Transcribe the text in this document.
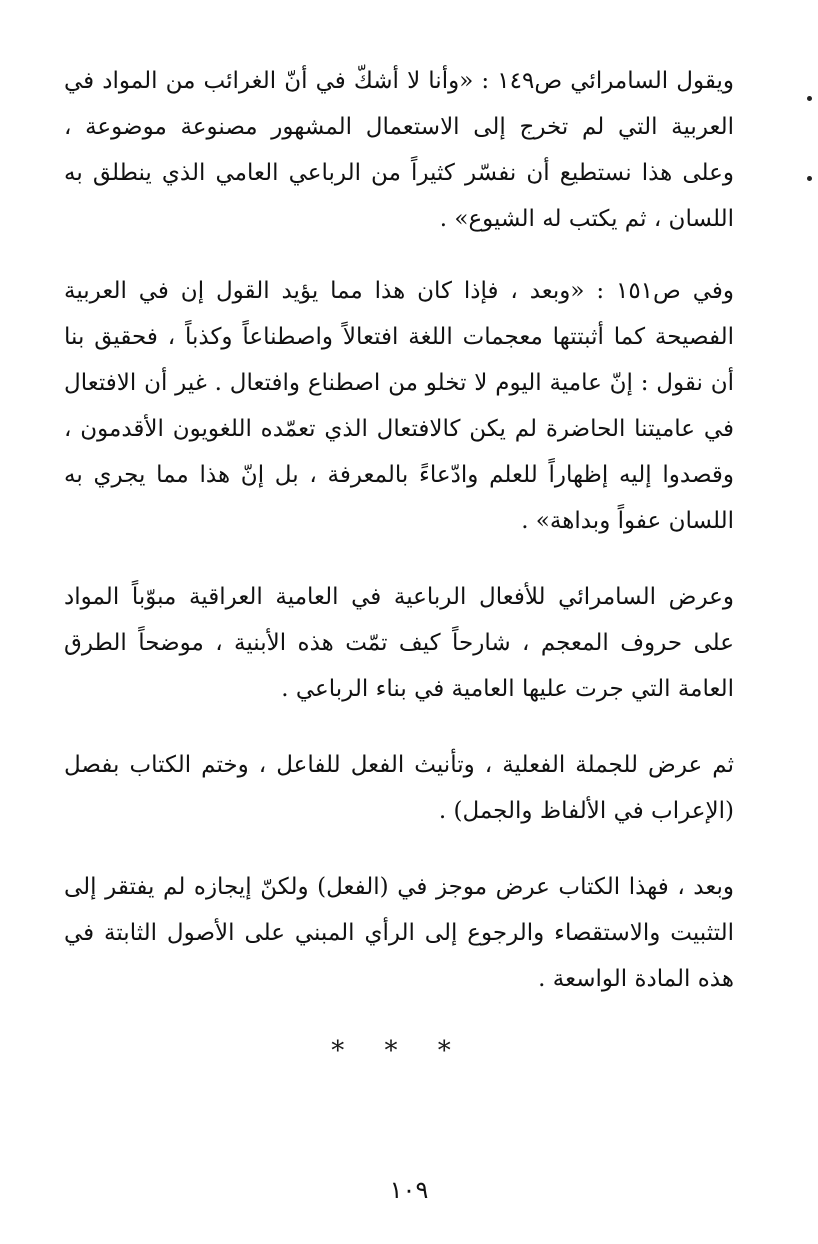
ويقول السامرائي ص١٤٩ : «وأنا لا أشكّ في أنّ الغرائب من المواد في العربية التي لم تخرج إلى الاستعمال المشهور مصنوعة موضوعة ، وعلى هذا نستطيع أن نفسّر كثيراً من الرباعي العامي الذي ينطلق به اللسان ، ثم يكتب له الشيوع» .

وفي ص١٥١ : «وبعد ، فإذا كان هذا مما يؤيد القول إن في العربية الفصيحة كما أثبتتها معجمات اللغة افتعالاً واصطناعاً وكذباً ، فحقيق بنا أن نقول : إنّ عامية اليوم لا تخلو من اصطناع وافتعال . غير أن الافتعال في عاميتنا الحاضرة لم يكن كالافتعال الذي تعمّده اللغويون الأقدمون ، وقصدوا إليه إظهاراً للعلم وادّعاءً بالمعرفة ، بل إنّ هذا مما يجري به اللسان عفواً وبداهة» .

وعرض السامرائي للأفعال الرباعية في العامية العراقية مبوّباً المواد على حروف المعجم ، شارحاً كيف تمّت هذه الأبنية ، موضحاً الطرق العامة التي جرت عليها العامية في بناء الرباعي .

ثم عرض للجملة الفعلية ، وتأنيث الفعل للفاعل ، وختم الكتاب بفصل (الإعراب في الألفاظ والجمل) .

وبعد ، فهذا الكتاب عرض موجز في (الفعل) ولكنّ إيجازه لم يفتقر إلى التثبيت والاستقصاء والرجوع إلى الرأي المبني على الأصول الثابتة في هذه المادة الواسعة .

* * *
١٠٩
